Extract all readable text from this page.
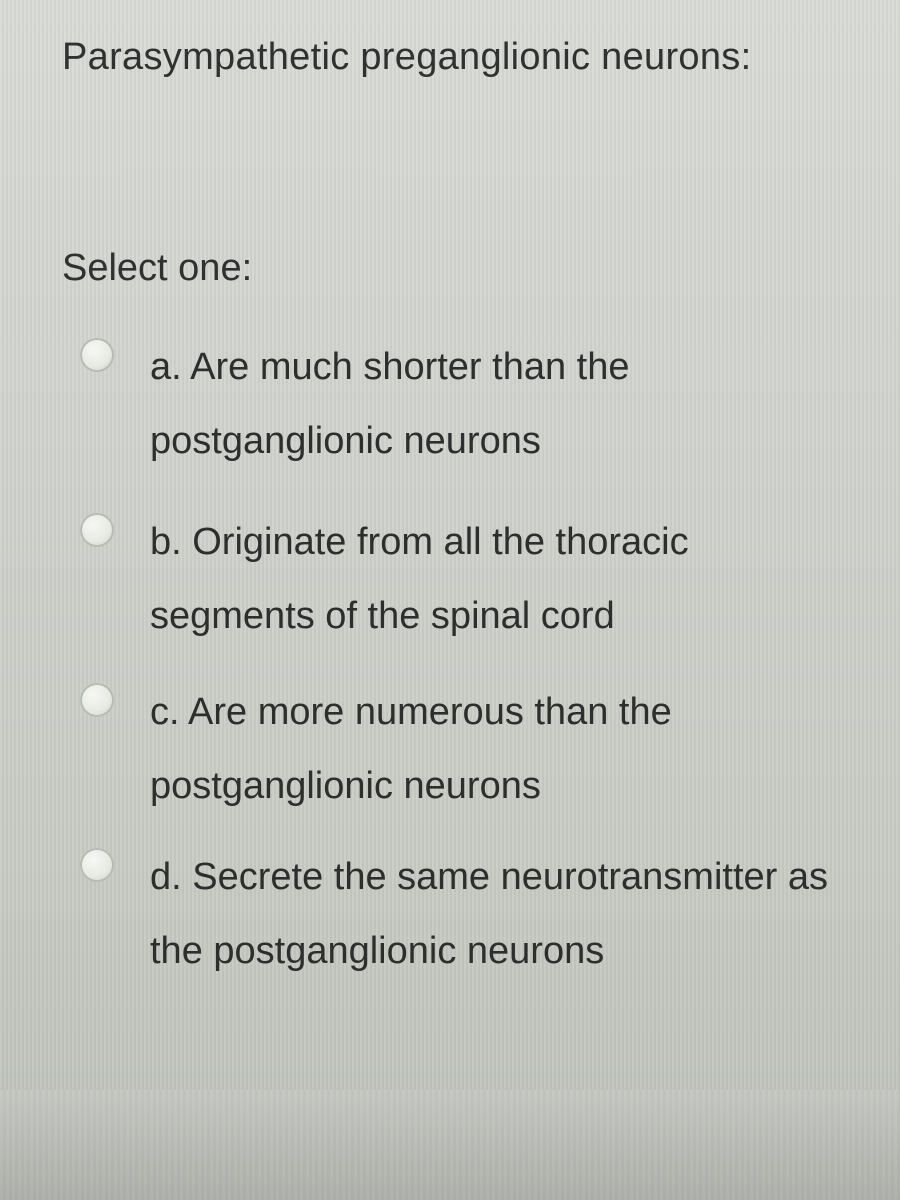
Parasympathetic preganglionic neurons:
Select one:
a. Are much shorter than the postganglionic neurons
b. Originate from all the thoracic segments of the spinal cord
c. Are more numerous than the postganglionic neurons
d. Secrete the same neurotransmitter as the postganglionic neurons
